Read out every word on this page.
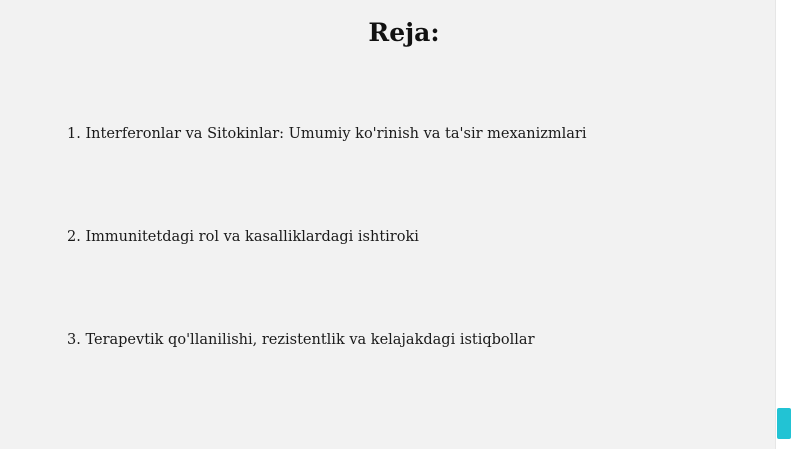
Reja:
1. Interferonlar va Sitokinlar: Umumiy ko'rinish va ta'sir mexanizmlari
2. Immunitetdagi rol va kasalliklardagi ishtiroki
3. Terapevtik qo'llanilishi, rezistentlik va kelajakdagi istiqbollar
